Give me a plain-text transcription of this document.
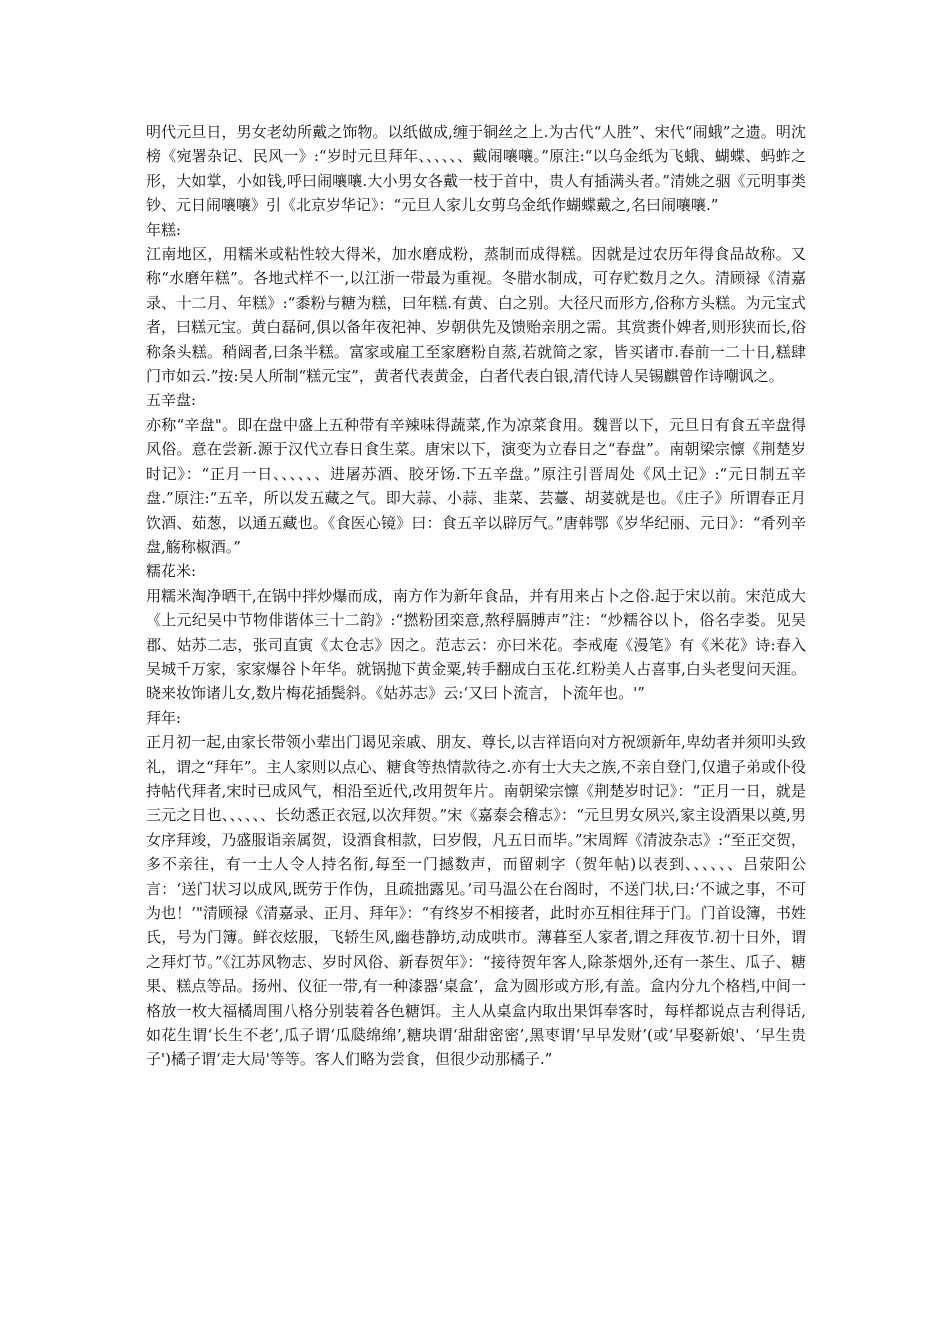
明代元旦日，男女老幼所戴之饰物。以纸做成,缠于铜丝之上.为古代“人胜”、宋代“闹蛾”之遗。明沈榜《宛署杂记、民风一》:“岁时元旦拜年、、、、、、戴闹嚷嚷。”原注:“以乌金纸为飞蛾、蝴蝶、蚂蚱之形，大如掌，小如钱,呼曰闹嚷嚷.大小男女各戴一枝于首中，贵人有插满头者。”清姚之骃《元明事类钞、元日闹嚷嚷》引《北京岁华记》：“元旦人家儿女剪乌金纸作蝴蝶戴之,名曰闹嚷嚷.”

年糕:

江南地区，用糯米或粘性较大得米，加水磨成粉，蒸制而成得糕。因就是过农历年得食品故称。又称“水磨年糕”。各地式样不一,以江浙一带最为重视。冬腊水制成，可存贮数月之久。清顾禄《清嘉录、十二月、年糕》:“黍粉与糖为糕，曰年糕.有黄、白之别。大径尺而形方,俗称方头糕。为元宝式者，曰糕元宝。黄白磊砢,俱以备年夜祀神、岁朝供先及馈贻亲朋之需。其赏赉仆婢者,则形狭而长,俗称条头糕。稍阔者,曰条半糕。富家或雇工至家磨粉自蒸,若就简之家，皆买诸市.春前一二十日,糕肆门市如云.”按:吴人所制“糕元宝”，黄者代表黄金，白者代表白银,清代诗人吴锡麒曾作诗嘲讽之。

五辛盘:

亦称“辛盘"。即在盘中盛上五种带有辛辣味得蔬菜,作为凉菜食用。魏晋以下，元旦日有食五辛盘得风俗。意在尝新.源于汉代立春日食生菜。唐宋以下，演变为立春日之“春盘”。南朝梁宗懔《荆楚岁时记》：“正月一日、、、、、、进屠苏酒、胶牙饧.下五辛盘。”原注引晋周处《风土记》:“元日制五辛盘.”原注:“五辛，所以发五藏之气。即大蒜、小蒜、韭菜、芸薹、胡荽就是也。《庄子》所谓春正月饮酒、茹葱，以通五藏也。《食医心镜》曰：食五辛以辟厉气。”唐韩鄂《岁华纪丽、元日》：“肴列辛盘,觞称椒酒。”

糯花米:

用糯米淘净晒干,在锅中拌炒爆而成，南方作为新年食品，并有用来占卜之俗.起于宋以前。宋范成大《上元纪吴中节物俳谐体三十二韵》:“撚粉团栾意,熬稃膈膊声”注：“炒糯谷以卜，俗名孛娄。见吴郡、姑苏二志，张司直寅《太仓志》因之。范志云：亦曰米花。李戒庵《漫笔》有《米花》诗:春入吴城千万家，家家爆谷卜年华。就锅抛下黄金粟,转手翻成白玉花.红粉美人占喜事,白头老叟问天涯。晓来妆饰诸儿女,数片梅花插鬓斜。《姑苏志》云:‘又曰卜流言，卜流年也。'”

拜年:

正月初一起,由家长带领小辈出门谒见亲戚、朋友、尊长,以吉祥语向对方祝颂新年,卑幼者并须叩头致礼，谓之“拜年”。主人家则以点心、糖食等热情款待之.亦有士大夫之族,不亲自登门,仅遣子弟或仆役持帖代拜者,宋时已成风气，相沿至近代,改用贺年片。南朝梁宗懔《荆楚岁时记》：“正月一日，就是三元之日也、、、、、、长幼悉正衣冠,以次拜贺。”宋《嘉泰会稽志》：“元旦男女夙兴,家主设酒果以奠,男女序拜竣，乃盛服诣亲属贺，设酒食相款，曰岁假，凡五日而毕。”宋周辉《清波杂志》:“至正交贺，多不亲往，有一士人令人持名衔,每至一门撼数声，而留刺字（贺年帖)以表到、、、、、、吕荥阳公言：‘送门状习以成风,既劳于作伪，且疏拙露见。’司马温公在台阁时，不送门状,曰:‘不诚之事，不可为也！’"清顾禄《清嘉录、正月、拜年》：“有终岁不相接者，此时亦互相往拜于门。门首设簿，书姓氏，号为门簿。鲜衣炫服，飞轿生风,幽巷静坊,动成哄市。薄暮至人家者,谓之拜夜节.初十日外，谓之拜灯节。”《江苏风物志、岁时风俗、新春贺年》：“接待贺年客人,除茶烟外,还有一茶生、瓜子、糖果、糕点等品。扬州、仪征一带,有一种漆器‘桌盒’，盒为圆形或方形,有盖。盒内分九个格档,中间一格放一枚大福橘周围八格分别装着各色糖饵。主人从桌盒内取出果饵奉客时，每样都说点吉利得话,如花生谓‘长生不老’,瓜子谓‘瓜瓞绵绵’,糖块谓‘甜甜密密’,黑枣谓‘早早发财’(或‘早娶新娘'、‘早生贵子')橘子谓‘走大局'等等。客人们略为尝食，但很少动那橘子.”
